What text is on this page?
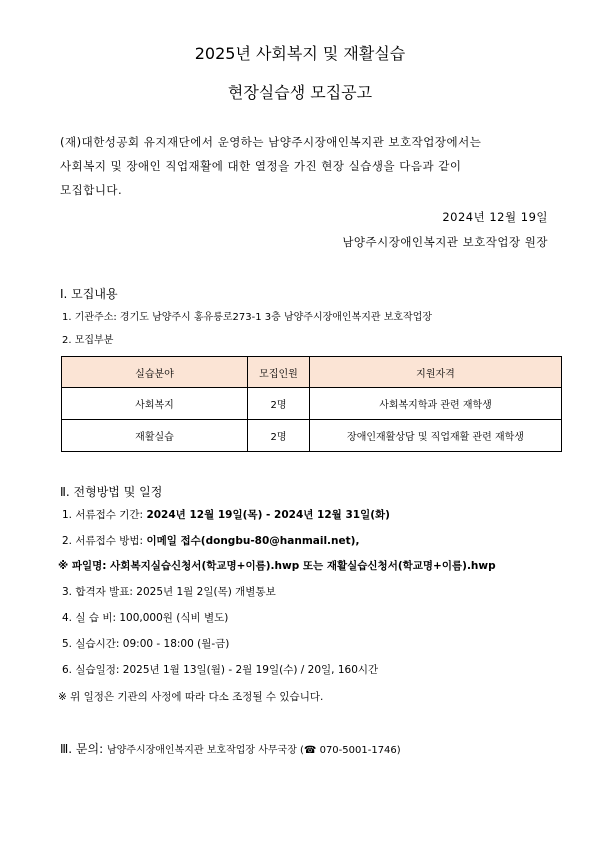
2025년 사회복지 및 재활실습
현장실습생 모집공고
(재)대한성공회 유지재단에서 운영하는 남양주시장애인복지관 보호작업장에서는
사회복지 및 장애인 직업재활에 대한 열정을 가진 현장 실습생을 다음과 같이
모집합니다.
2024년 12월 19일
남양주시장애인복지관 보호작업장 원장
Ⅰ. 모집내용
1. 기관주소: 경기도 남양주시 홍유릉로273-1 3층 남양주시장애인복지관 보호작업장
2. 모집부분
실습분야	모집인원	지원자격
사회복지	2명	사회복지학과 관련 재학생
재활실습	2명	장애인재활상담 및 직업재활 관련 재학생
Ⅱ. 전형방법 및 일정
1. 서류접수 기간: 2024년 12월 19일(목) - 2024년 12월 31일(화)
2. 서류접수 방법: 이메일 접수(dongbu-80@hanmail.net),
※ 파일명: 사회복지실습신청서(학교명+이름).hwp 또는 재활실습신청서(학교명+이름).hwp
3. 합격자 발표: 2025년 1월 2일(목) 개별통보
4. 실 습 비: 100,000원 (식비 별도)
5. 실습시간: 09:00 - 18:00 (월-금)
6. 실습일정: 2025년 1월 13일(월) - 2월 19일(수) / 20일, 160시간
※ 위 일정은 기관의 사정에 따라 다소 조정될 수 있습니다.
Ⅲ. 문의: 남양주시장애인복지관 보호작업장 사무국장 (☎ 070-5001-1746)
